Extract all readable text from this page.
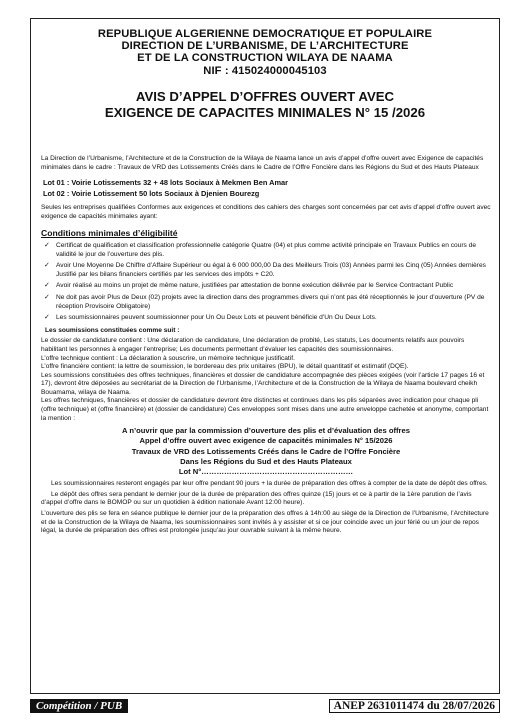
REPUBLIQUE ALGERIENNE DEMOCRATIQUE ET POPULAIRE
DIRECTION DE L’URBANISME, DE L’ARCHITECTURE
ET DE LA CONSTRUCTION WILAYA DE NAAMA
NIF : 415024000045103
AVIS D’APPEL D’OFFRES OUVERT AVEC
EXIGENCE DE CAPACITES MINIMALES N° 15 /2026

La Direction de l’Urbanisme, l’Architecture et de la Construction de la Wilaya de Naama lance un avis d’appel d’offre ouvert avec Exigence de capacités minimales dans le cadre : Travaux de VRD des Lotissements Créés dans le Cadre de l’Offre Foncière dans les Régions du Sud et des Hauts Plateaux

Lot 01 : Voirie Lotissements 32 + 48 lots Sociaux à Mekmen Ben Amar
Lot 02 : Voirie Lotissement 50 lots Sociaux à Djenien Bourezg

Seules les entreprises qualifiées Conformes aux exigences et conditions des cahiers des charges sont concernées par cet avis d’appel d’offre ouvert avec exigence de capacités minimales ayant:

Conditions minimales d’éligibilité
✓ Certificat de qualification et classification professionnelle catégorie Quatre (04) et plus comme activité principale en Travaux Publics en cours de validité le jour de l’ouverture des plis.
✓ Avoir Une Moyenne De Chiffre d’Affaire Supérieur ou égal à 6 000 000,00 Da des Meilleurs Trois (03) Années parmi les Cinq (05) Années dernières Justifié par les bilans financiers certifiés par les services des impôts + C20.
✓ Avoir réalisé au moins un projet de même nature, justifiées par attestation de bonne exécution délivrée par le Service Contractant Public
✓ Ne doit pas avoir Plus de Deux (02) projets avec la direction dans des programmes divers qui n’ont pas été réceptionnés le jour d’ouverture (PV de réception Provisoire Obligatoire)
✓ Les soumissionnaires peuvent soumissionner pour Un Ou Deux Lots et peuvent bénéficie d’Un Ou Deux Lots.
Les soumissions constituées comme suit :

Le dossier de candidature contient : Une déclaration de candidature, Une déclaration de probité, Les statuts, Les documents relatifs aux pouvoirs habilitant les personnes à engager l’entreprise; Les documents permettant d’évaluer les capacités des soumissionnaires.

L’offre technique contient : La déclaration à souscrire, un mémoire technique justificatif.

L’offre financière contient: la lettre de soumission, le bordereau des prix unitaires (BPU), le détail quantitatif et estimatif (DQE).

Les soumissions constituées des offres techniques, financières et dossier de candidature accompagnée des pièces exigées (voir l’article 17 pages 16 et 17), devront être déposées au secrétariat de la Direction de l’Urbanisme, l’Architecture et de la Construction de la Wilaya de Naama boulevard cheikh Bouamama, wilaya de Naama.

Les offres techniques, financières et dossier de candidature devront être distinctes et continues dans les plis séparées avec indication pour chaque pli (offre technique) et (offre financière) et (dossier de candidature) Ces enveloppes sont mises dans une autre enveloppe cachetée et anonyme, comportant la mention :

A n’ouvrir que par la commission d’ouverture des plis et d’évaluation des offres
Appel d’offre ouvert avec exigence de capacités minimales N° 15/2026
Travaux de VRD des Lotissements Créés dans le Cadre de l’Offre Foncière
Dans les Régions du Sud et des Hauts Plateaux
Lot N°……………………………………………………

Les soumissionnaires resteront engagés par leur offre pendant 90 jours + la durée de préparation des offres à compter de la date de dépôt des offres.

Le dépôt des offres sera pendant le dernier jour de la durée de préparation des offres quinze (15) jours et ce à partir de la 1ère parution de l’avis d’appel d’offre dans le BOMOP ou sur un quotidien à édition nationale Avant 12:00 heure).

L’ouverture des plis se fera en séance publique le dernier jour de la préparation des offres à 14h:00 au siège de la Direction de l’Urbanisme, l’Architecture et de la Construction de la Wilaya de Naama, les soumissionnaires sont invités à y assister et si ce jour coincide avec un jour férié ou un jour de repos légal, la durée de préparation des offres est prolongée jusqu’au jour ouvrable suivant à la même heure.

Compétition / PUB	ANEP 2631011474 du 28/07/2026
